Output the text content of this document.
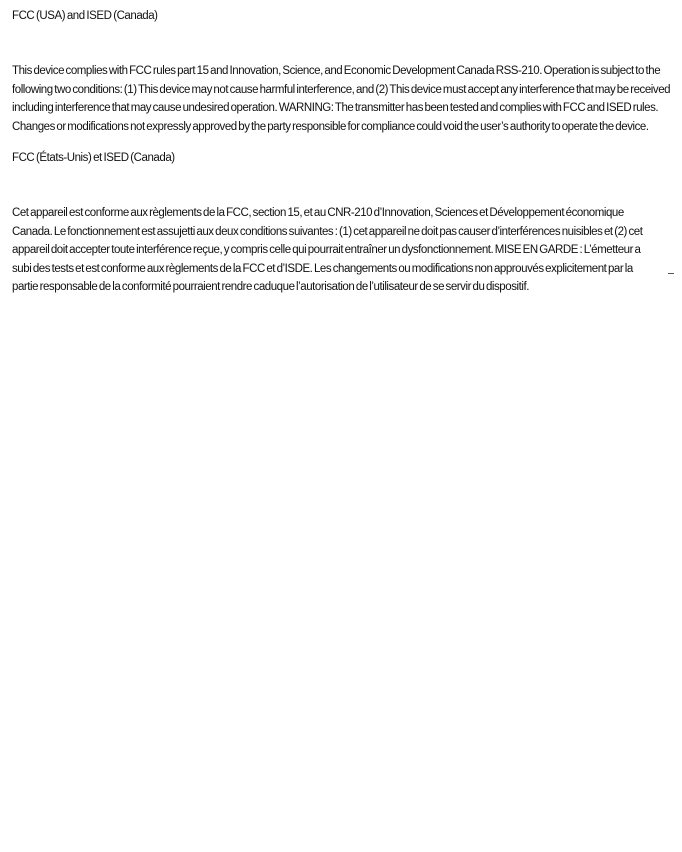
FCC (USA) and ISED (Canada)

This device complies with FCC rules part 15 and Innovation, Science, and Economic Development Canada RSS-210. Operation is subject to the following two conditions: (1) This device may not cause harmful interference, and (2) This device must accept any interference that may be received including interference that may cause undesired operation. WARNING: The transmitter has been tested and complies with FCC and ISED rules. Changes or modifications not expressly approved by the party responsible for compliance could void the user’s authority to operate the device.

FCC (États-Unis) et ISED (Canada)

Cet appareil est conforme aux règlements de la FCC, section 15, et au CNR-210 d’Innovation, Sciences et Développement économique Canada. Le fonctionnement est assujetti aux deux conditions suivantes : (1) cet appareil ne doit pas causer d’interférences nuisibles et (2) cet appareil doit accepter toute interférence reçue, y compris celle qui pourrait entraîner un dysfonctionnement. MISE EN GARDE : L’émetteur a subi des tests et est conforme aux règlements de la FCC et d’ISDE. Les changements ou modifications non approuvés explicitement par la partie responsable de la conformité pourraient rendre caduque l’autorisation de l’utilisateur de se servir du dispositif.
